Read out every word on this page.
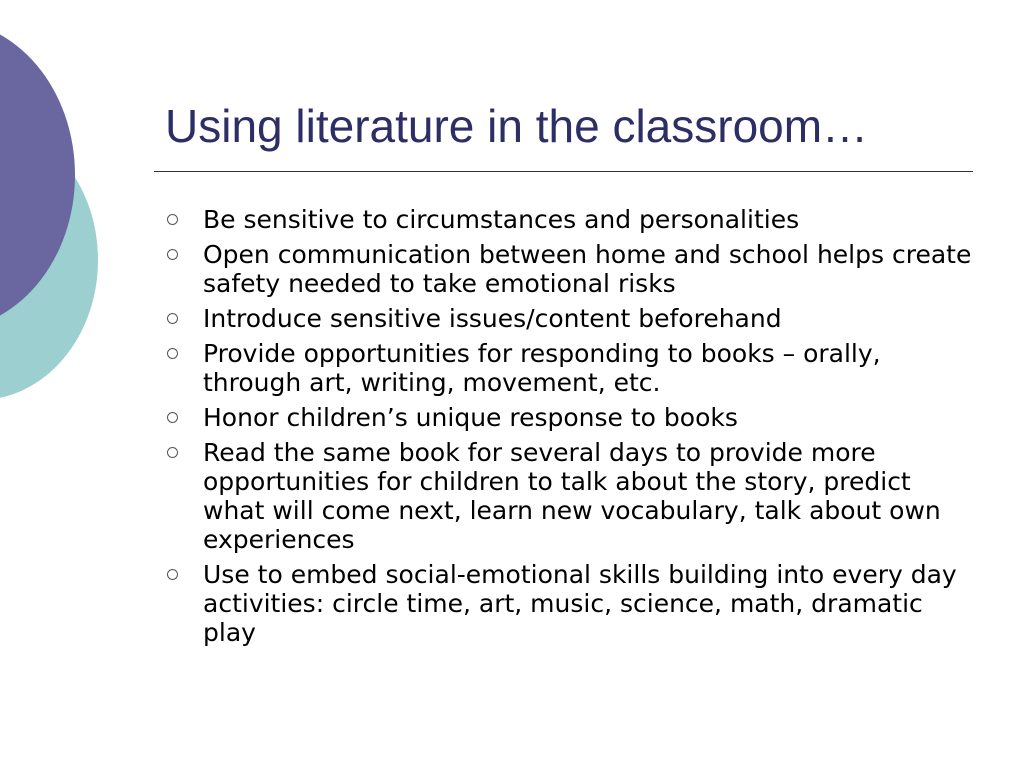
Using literature in the classroom…
Be sensitive to circumstances and personalities
Open communication between home and school helps create safety needed to take emotional risks
Introduce sensitive issues/content beforehand
Provide opportunities for responding to books – orally, through art, writing, movement, etc.
Honor children’s unique response to books
Read the same book for several days to provide more opportunities for children to talk about the story, predict what will come next, learn new vocabulary, talk about own experiences
Use to embed social-emotional skills building into every day activities: circle time, art, music, science, math, dramatic play
